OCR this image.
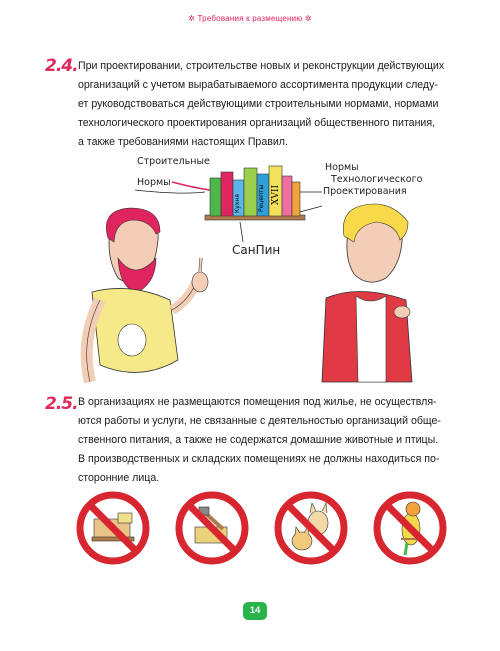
✲ Требования к размещению ✲
2.4. При проектировании, строительстве новых и реконструкции действующих
организаций с учетом вырабатываемого ассортимента продукции следу-
ет руководствоваться действующими строительными нормами, нормами
технологического проектирования организаций общественного питания,
а также требованиями настоящих Правил.
Строительные
Нормы
Нормы
Технологического
Проектирования
СанПин
Кухня	Рецепты XVII
2.5. В организациях не размещаются помещения под жилье, не осуществля-
ются работы и услуги, не связанные с деятельностью организаций обще-
ственного питания, а также не содержатся домашние животные и птицы.
В производственных и складских помещениях не должны находиться по-
сторонние лица.
14
